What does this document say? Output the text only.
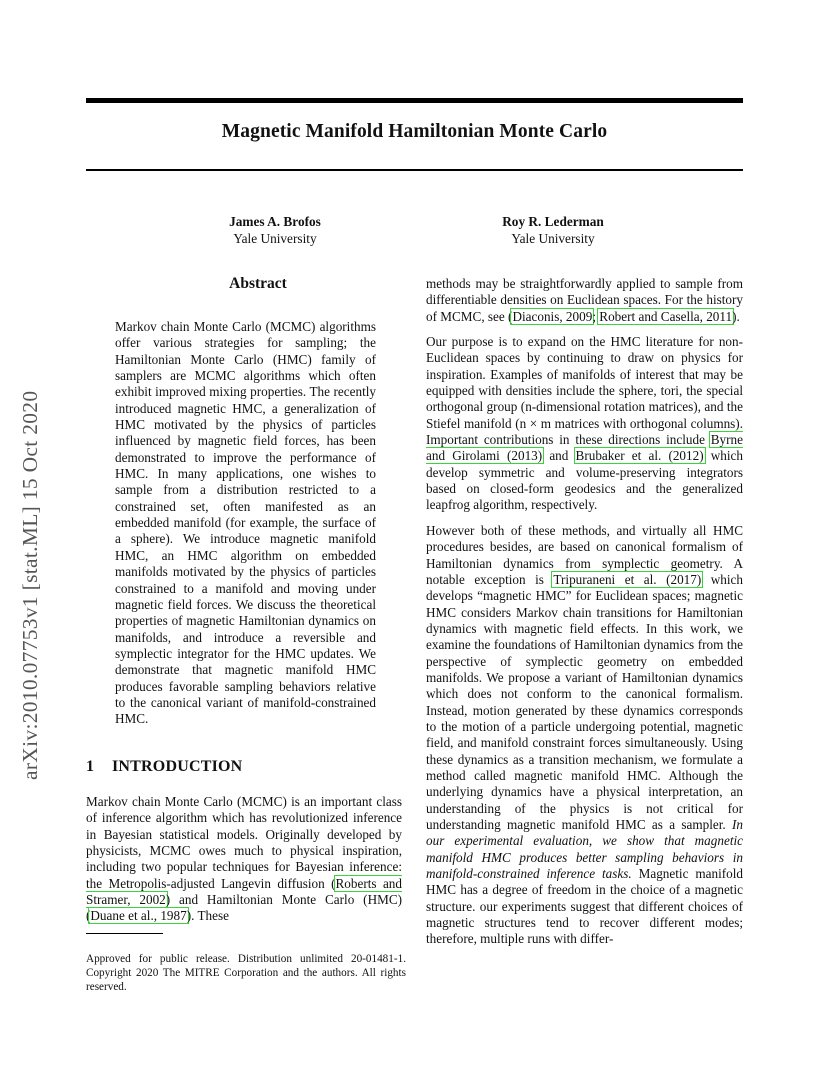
arXiv:2010.07753v1 [stat.ML] 15 Oct 2020
Magnetic Manifold Hamiltonian Monte Carlo
James A. Brofos
Yale University
Roy R. Lederman
Yale University
Abstract
Markov chain Monte Carlo (MCMC) algorithms offer various strategies for sampling; the Hamiltonian Monte Carlo (HMC) family of samplers are MCMC algorithms which often exhibit improved mixing properties. The recently introduced magnetic HMC, a generalization of HMC motivated by the physics of particles influenced by magnetic field forces, has been demonstrated to improve the performance of HMC. In many applications, one wishes to sample from a distribution restricted to a constrained set, often manifested as an embedded manifold (for example, the surface of a sphere). We introduce magnetic manifold HMC, an HMC algorithm on embedded manifolds motivated by the physics of particles constrained to a manifold and moving under magnetic field forces. We discuss the theoretical properties of magnetic Hamiltonian dynamics on manifolds, and introduce a reversible and symplectic integrator for the HMC updates. We demonstrate that magnetic manifold HMC produces favorable sampling behaviors relative to the canonical variant of manifold-constrained HMC.
1 INTRODUCTION
Markov chain Monte Carlo (MCMC) is an important class of inference algorithm which has revolutionized inference in Bayesian statistical models. Originally developed by physicists, MCMC owes much to physical inspiration, including two popular techniques for Bayesian inference: the Metropolis-adjusted Langevin diffusion (Roberts and Stramer, 2002) and Hamiltonian Monte Carlo (HMC) (Duane et al., 1987). These
Approved for public release. Distribution unlimited 20-01481-1. Copyright 2020 The MITRE Corporation and the authors. All rights reserved.

methods may be straightforwardly applied to sample from differentiable densities on Euclidean spaces. For the history of MCMC, see (Diaconis, 2009; Robert and Casella, 2011).

Our purpose is to expand on the HMC literature for non-Euclidean spaces by continuing to draw on physics for inspiration. Examples of manifolds of interest that may be equipped with densities include the sphere, tori, the special orthogonal group (n-dimensional rotation matrices), and the Stiefel manifold (n × m matrices with orthogonal columns). Important contributions in these directions include Byrne and Girolami (2013) and Brubaker et al. (2012) which develop symmetric and volume-preserving integrators based on closed-form geodesics and the generalized leapfrog algorithm, respectively.

However both of these methods, and virtually all HMC procedures besides, are based on canonical formalism of Hamiltonian dynamics from symplectic geometry. A notable exception is Tripuraneni et al. (2017) which develops “magnetic HMC” for Euclidean spaces; magnetic HMC considers Markov chain transitions for Hamiltonian dynamics with magnetic field effects. In this work, we examine the foundations of Hamiltonian dynamics from the perspective of symplectic geometry on embedded manifolds. We propose a variant of Hamiltonian dynamics which does not conform to the canonical formalism. Instead, motion generated by these dynamics corresponds to the motion of a particle undergoing potential, magnetic field, and manifold constraint forces simultaneously. Using these dynamics as a transition mechanism, we formulate a method called magnetic manifold HMC. Although the underlying dynamics have a physical interpretation, an understanding of the physics is not critical for understanding magnetic manifold HMC as a sampler. In our experimental evaluation, we show that magnetic manifold HMC produces better sampling behaviors in manifold-constrained inference tasks. Magnetic manifold HMC has a degree of freedom in the choice of a magnetic structure. our experiments suggest that different choices of magnetic structures tend to recover different modes; therefore, multiple runs with differ-
